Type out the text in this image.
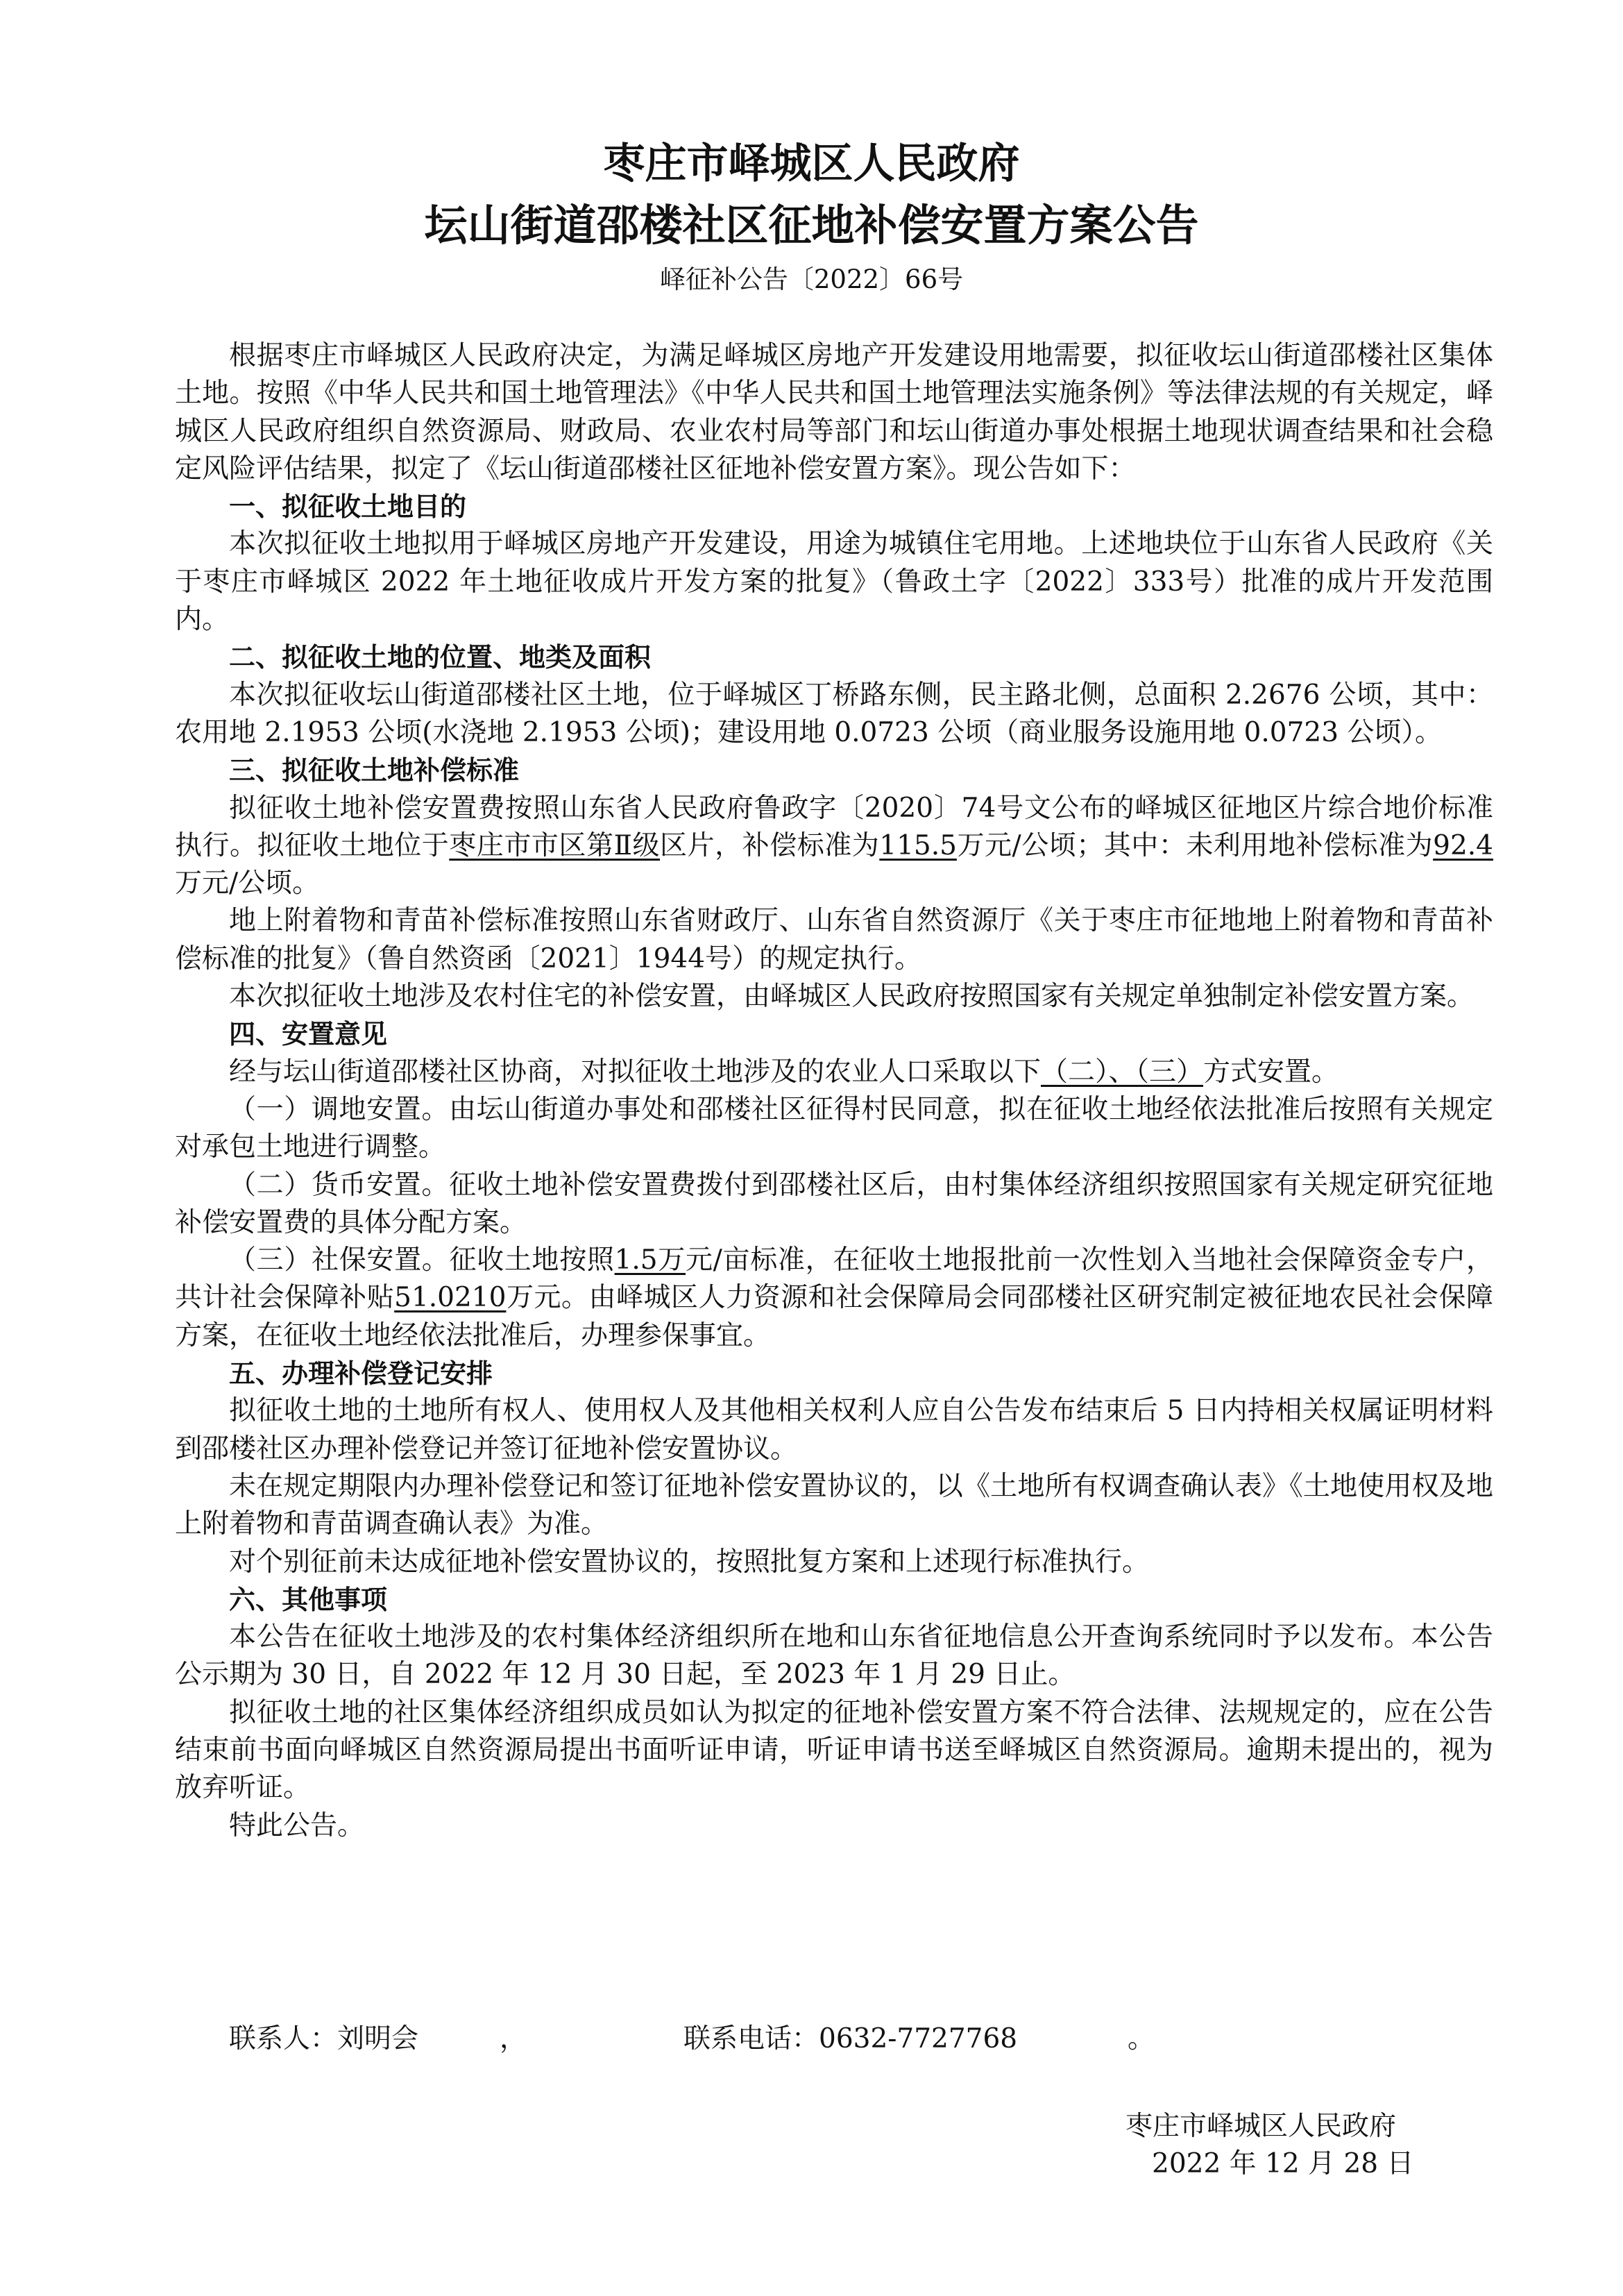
枣庄市峄城区人民政府
坛山街道邵楼社区征地补偿安置方案公告
峄征补公告〔2022〕66号

根据枣庄市峄城区人民政府决定，为满足峄城区房地产开发建设用地需要，拟征收坛山街道邵楼社区集体土地。按照《中华人民共和国土地管理法》《中华人民共和国土地管理法实施条例》等法律法规的有关规定，峄城区人民政府组织自然资源局、财政局、农业农村局等部门和坛山街道办事处根据土地现状调查结果和社会稳定风险评估结果，拟定了《坛山街道邵楼社区征地补偿安置方案》。现公告如下：

一、拟征收土地目的

本次拟征收土地拟用于峄城区房地产开发建设，用途为城镇住宅用地。上述地块位于山东省人民政府《关于枣庄市峄城区 2022 年土地征收成片开发方案的批复》（鲁政土字〔2022〕333号）批准的成片开发范围内。

二、拟征收土地的位置、地类及面积

本次拟征收坛山街道邵楼社区土地，位于峄城区丁桥路东侧，民主路北侧，总面积 2.2676 公顷，其中：农用地 2.1953 公顷(水浇地 2.1953 公顷)；建设用地 0.0723 公顷（商业服务设施用地 0.0723 公顷）。

三、拟征收土地补偿标准

拟征收土地补偿安置费按照山东省人民政府鲁政字〔2020〕74号文公布的峄城区征地区片综合地价标准执行。拟征收土地位于枣庄市市区第Ⅱ级区片，补偿标准为115.5万元/公顷；其中：未利用地补偿标准为92.4万元/公顷。

地上附着物和青苗补偿标准按照山东省财政厅、山东省自然资源厅《关于枣庄市征地地上附着物和青苗补偿标准的批复》（鲁自然资函〔2021〕1944号）的规定执行。

本次拟征收土地涉及农村住宅的补偿安置，由峄城区人民政府按照国家有关规定单独制定补偿安置方案。

四、安置意见

经与坛山街道邵楼社区协商，对拟征收土地涉及的农业人口采取以下（二）、（三）方式安置。

（一）调地安置。由坛山街道办事处和邵楼社区征得村民同意，拟在征收土地经依法批准后按照有关规定对承包土地进行调整。

（二）货币安置。征收土地补偿安置费拨付到邵楼社区后，由村集体经济组织按照国家有关规定研究征地补偿安置费的具体分配方案。

（三）社保安置。征收土地按照1.5万元/亩标准，在征收土地报批前一次性划入当地社会保障资金专户，共计社会保障补贴51.0210万元。由峄城区人力资源和社会保障局会同邵楼社区研究制定被征地农民社会保障方案，在征收土地经依法批准后，办理参保事宜。

五、办理补偿登记安排

拟征收土地的土地所有权人、使用权人及其他相关权利人应自公告发布结束后 5 日内持相关权属证明材料到邵楼社区办理补偿登记并签订征地补偿安置协议。

未在规定期限内办理补偿登记和签订征地补偿安置协议的，以《土地所有权调查确认表》《土地使用权及地上附着物和青苗调查确认表》为准。

对个别征前未达成征地补偿安置协议的，按照批复方案和上述现行标准执行。

六、其他事项

本公告在征收土地涉及的农村集体经济组织所在地和山东省征地信息公开查询系统同时予以发布。本公告公示期为 30 日，自 2022 年 12 月 30 日起，至 2023 年 1 月 29 日止。

拟征收土地的社区集体经济组织成员如认为拟定的征地补偿安置方案不符合法律、法规规定的，应在公告结束前书面向峄城区自然资源局提出书面听证申请，听证申请书送至峄城区自然资源局。逾期未提出的，视为放弃听证。

特此公告。

联系人：刘明会	，	联系电话：0632-7727768	。
枣庄市峄城区人民政府
2022 年 12 月 28 日
